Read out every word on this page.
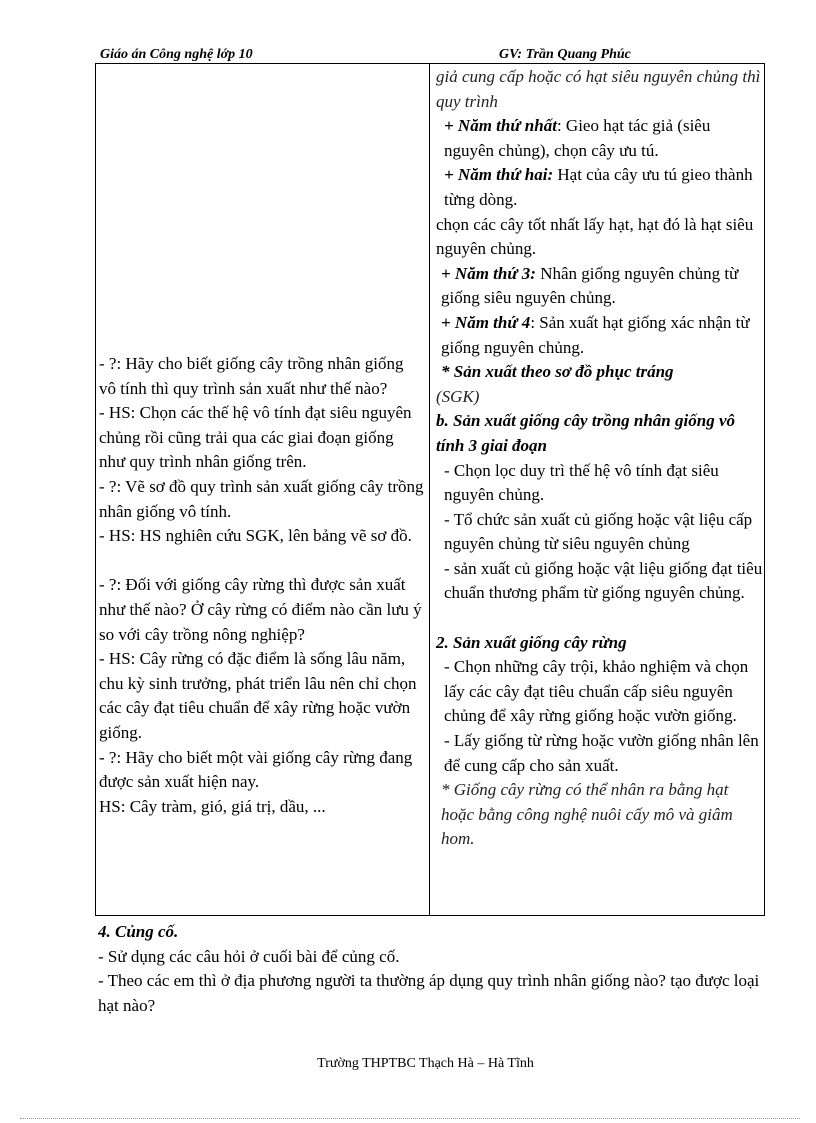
Giáo án Công nghệ lớp 10	GV: Trần Quang Phúc

- ?: Hãy cho biết giống cây trồng nhân giống vô tính thì quy trình sản xuất như thế nào?

- HS: Chọn các thế hệ vô tính đạt siêu nguyên chủng rồi cũng trải qua các giai đoạn giống như quy trình nhân giống trên.

- ?: Vẽ sơ đồ quy trình sản xuất giống cây trồng nhân giống vô tính.

- HS: HS nghiên cứu SGK, lên bảng vẽ sơ đồ.

- ?: Đối với giống cây rừng thì được sản xuất như thế nào? Ở cây rừng có điểm nào cần lưu ý so với cây trồng nông nghiệp?

- HS: Cây rừng có đặc điểm là sống lâu năm, chu kỳ sinh trưởng, phát triển lâu nên chỉ chọn các cây đạt tiêu chuẩn để xây rừng hoặc vườn giống.

- ?: Hãy cho biết một vài giống cây rừng đang được sản xuất hiện nay.

HS: Cây tràm, gió, giá trị, dầu, ...

giả cung cấp hoặc có hạt siêu nguyên chủng thì quy trình

+ Năm thứ nhất: Gieo hạt tác giả (siêu nguyên chủng), chọn cây ưu tú.

+ Năm thứ hai: Hạt của cây ưu tú gieo thành từng dòng.

chọn các cây tốt nhất lấy hạt, hạt đó là hạt siêu nguyên chủng.

+ Năm thứ 3: Nhân giống nguyên chủng từ giống siêu nguyên chủng.

+ Năm thứ 4: Sản xuất hạt giống xác nhận từ giống nguyên chủng.

* Sản xuất theo sơ đồ phục tráng

(SGK)

b. Sản xuất giống cây trồng nhân giống vô tính 3 giai đoạn

- Chọn lọc duy trì thế hệ vô tính đạt siêu nguyên chủng.

- Tổ chức sản xuất củ giống hoặc vật liệu cấp nguyên chủng từ siêu nguyên chủng

- sản xuất củ giống hoặc vật liệu giống đạt tiêu chuẩn thương phẩm từ giống nguyên chủng.

2. Sản xuất giống cây rừng

- Chọn những cây trội, khảo nghiệm và chọn lấy các cây đạt tiêu chuẩn cấp siêu nguyên chủng để xây rừng giống hoặc vườn giống.

- Lấy giống từ rừng hoặc vườn giống nhân lên để cung cấp cho sản xuất.

* Giống cây rừng có thể nhân ra bằng hạt hoặc bằng công nghệ nuôi cấy mô và giâm hom.

4. Củng cố.

- Sử dụng các câu hỏi ở cuối bài để củng cố.

- Theo các em thì ở địa phương người ta thường áp dụng quy trình nhân giống nào? tạo được loại hạt nào?

Trường THPTBC Thạch Hà – Hà Tĩnh
